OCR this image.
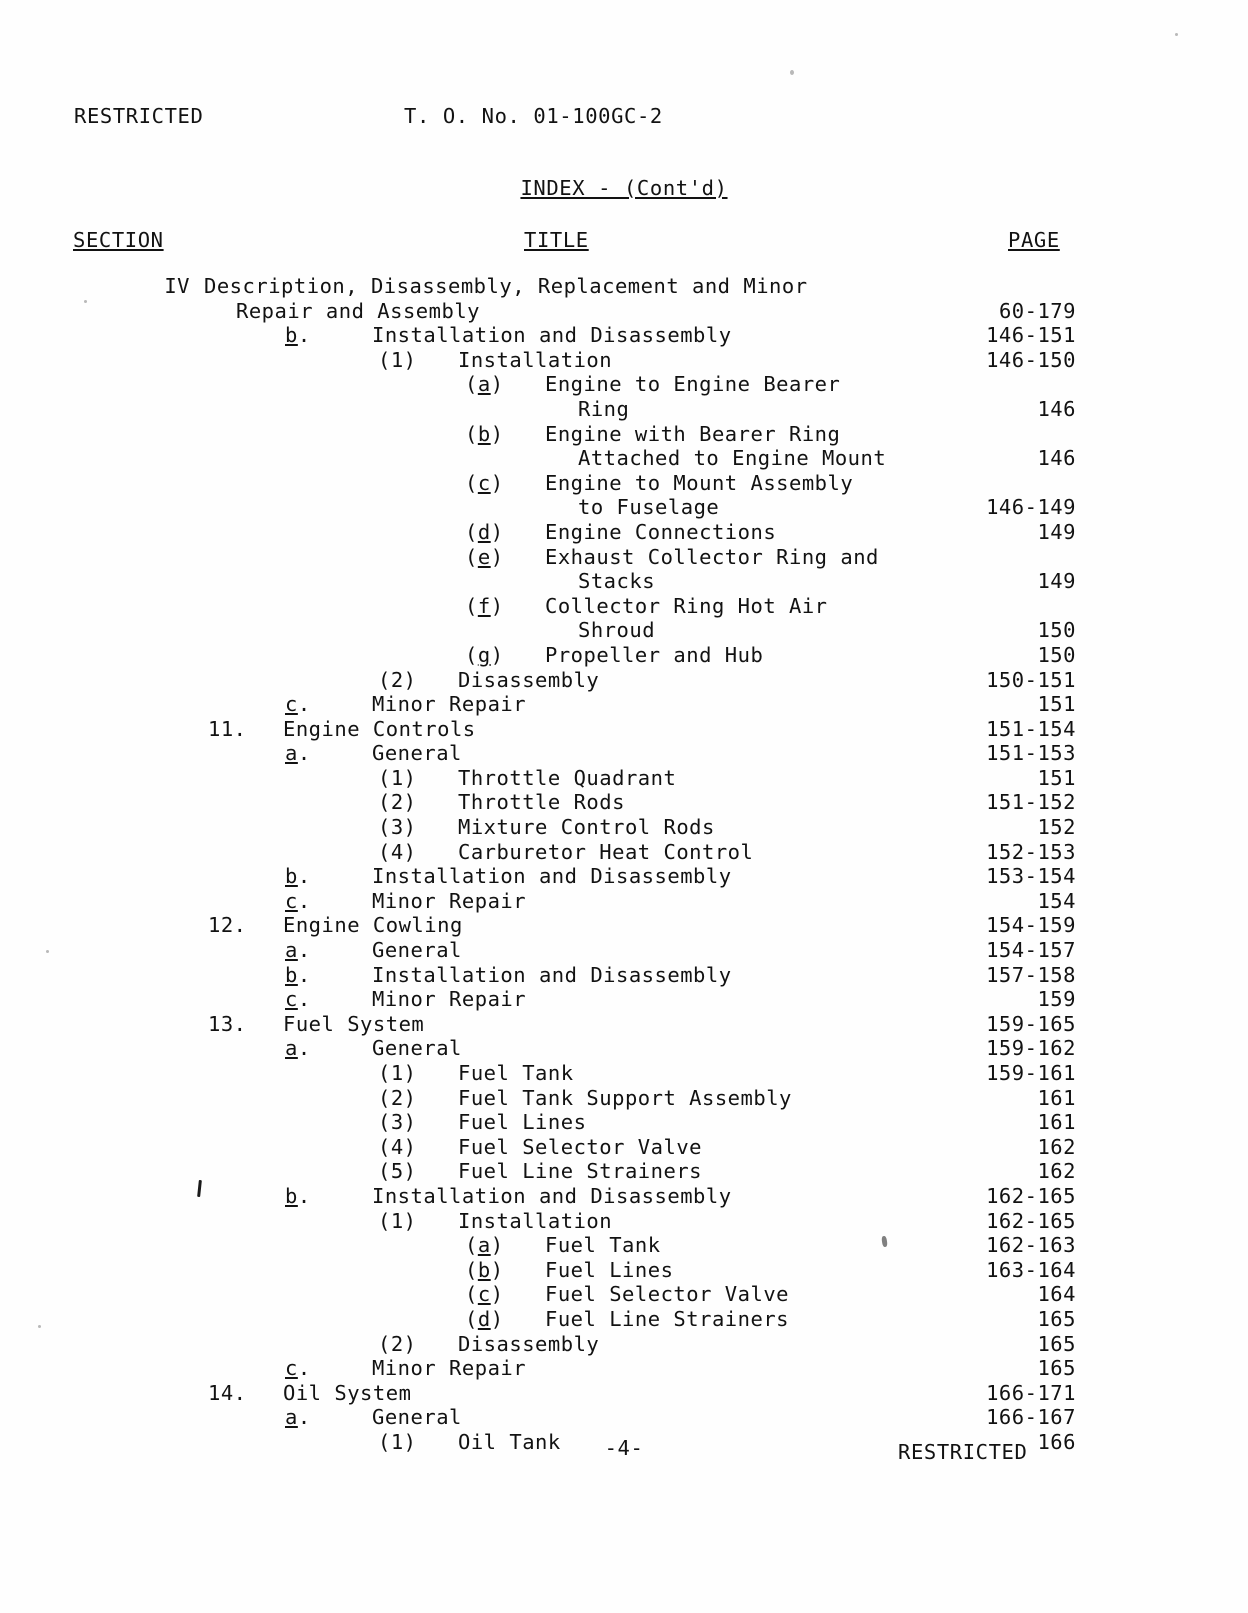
RESTRICTED	T. O. No. 01-100GC-2
INDEX - (Cont'd)
SECTION	TITLE	PAGE
IV Description, Disassembly, Replacement and Minor
Repair and Assembly	60-179
b.	Installation and Disassembly	146-151
(1) Installation	146-150
(a) Engine to Engine Bearer
Ring	146
(b) Engine with Bearer Ring
Attached to Engine Mount	146
(c) Engine to Mount Assembly
to Fuselage	146-149
(d) Engine Connections	149
(e) Exhaust Collector Ring and
Stacks	149
(f) Collector Ring Hot Air
Shroud	150
(g) Propeller and Hub	150
(2) Disassembly	150-151
c.	Minor Repair	151
11. Engine Controls	151-154
a.	General	151-153
(1) Throttle Quadrant	151
(2) Throttle Rods	151-152
(3) Mixture Control Rods	152
(4) Carburetor Heat Control	152-153
b.	Installation and Disassembly	153-154
c.	Minor Repair	154
12. Engine Cowling	154-159
a.	General	154-157
b.	Installation and Disassembly	157-158
c.	Minor Repair	159
13. Fuel System	159-165
a.	General	159-162
(1) Fuel Tank	159-161
(2) Fuel Tank Support Assembly	161
(3) Fuel Lines	161
(4) Fuel Selector Valve	162
(5) Fuel Line Strainers	162
b.	Installation and Disassembly	162-165
(1) Installation	162-165
(a) Fuel Tank	162-163
(b) Fuel Lines	163-164
(c) Fuel Selector Valve	164
(d) Fuel Line Strainers	165
(2) Disassembly	165
c.	Minor Repair	165
14. Oil System	166-171
a.	General	166-167
(1) Oil Tank	166
-4-	RESTRICTED
